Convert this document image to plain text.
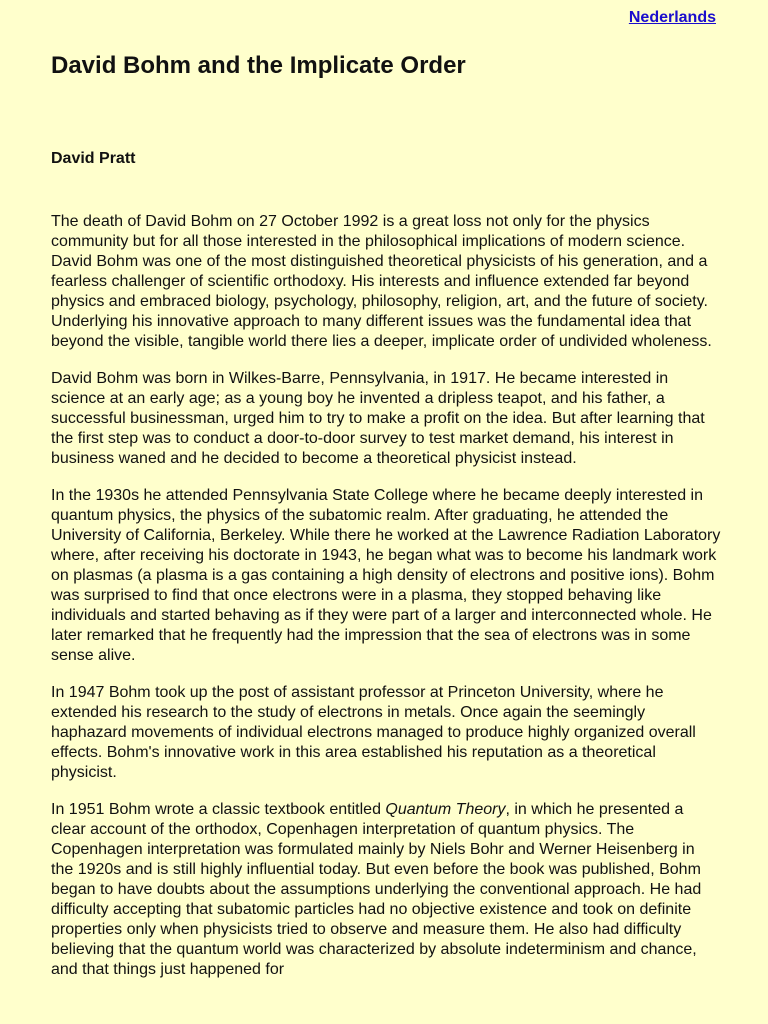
Nederlands
David Bohm and the Implicate Order

David Pratt

The death of David Bohm on 27 October 1992 is a great loss not only for the physics community but for all those interested in the philosophical implications of modern science. David Bohm was one of the most distinguished theoretical physicists of his generation, and a fearless challenger of scientific orthodoxy. His interests and influence extended far beyond physics and embraced biology, psychology, philosophy, religion, art, and the future of society. Underlying his innovative approach to many different issues was the fundamental idea that beyond the visible, tangible world there lies a deeper, implicate order of undivided wholeness.

David Bohm was born in Wilkes-Barre, Pennsylvania, in 1917. He became interested in science at an early age; as a young boy he invented a dripless teapot, and his father, a successful businessman, urged him to try to make a profit on the idea. But after learning that the first step was to conduct a door-to-door survey to test market demand, his interest in business waned and he decided to become a theoretical physicist instead.

In the 1930s he attended Pennsylvania State College where he became deeply interested in quantum physics, the physics of the subatomic realm. After graduating, he attended the University of California, Berkeley. While there he worked at the Lawrence Radiation Laboratory where, after receiving his doctorate in 1943, he began what was to become his landmark work on plasmas (a plasma is a gas containing a high density of electrons and positive ions). Bohm was surprised to find that once electrons were in a plasma, they stopped behaving like individuals and started behaving as if they were part of a larger and interconnected whole. He later remarked that he frequently had the impression that the sea of electrons was in some sense alive.

In 1947 Bohm took up the post of assistant professor at Princeton University, where he extended his research to the study of electrons in metals. Once again the seemingly haphazard movements of individual electrons managed to produce highly organized overall effects. Bohm's innovative work in this area established his reputation as a theoretical physicist.

In 1951 Bohm wrote a classic textbook entitled Quantum Theory, in which he presented a clear account of the orthodox, Copenhagen interpretation of quantum physics. The Copenhagen interpretation was formulated mainly by Niels Bohr and Werner Heisenberg in the 1920s and is still highly influential today. But even before the book was published, Bohm began to have doubts about the assumptions underlying the conventional approach. He had difficulty accepting that subatomic particles had no objective existence and took on definite properties only when physicists tried to observe and measure them. He also had difficulty believing that the quantum world was characterized by absolute indeterminism and chance, and that things just happened for
